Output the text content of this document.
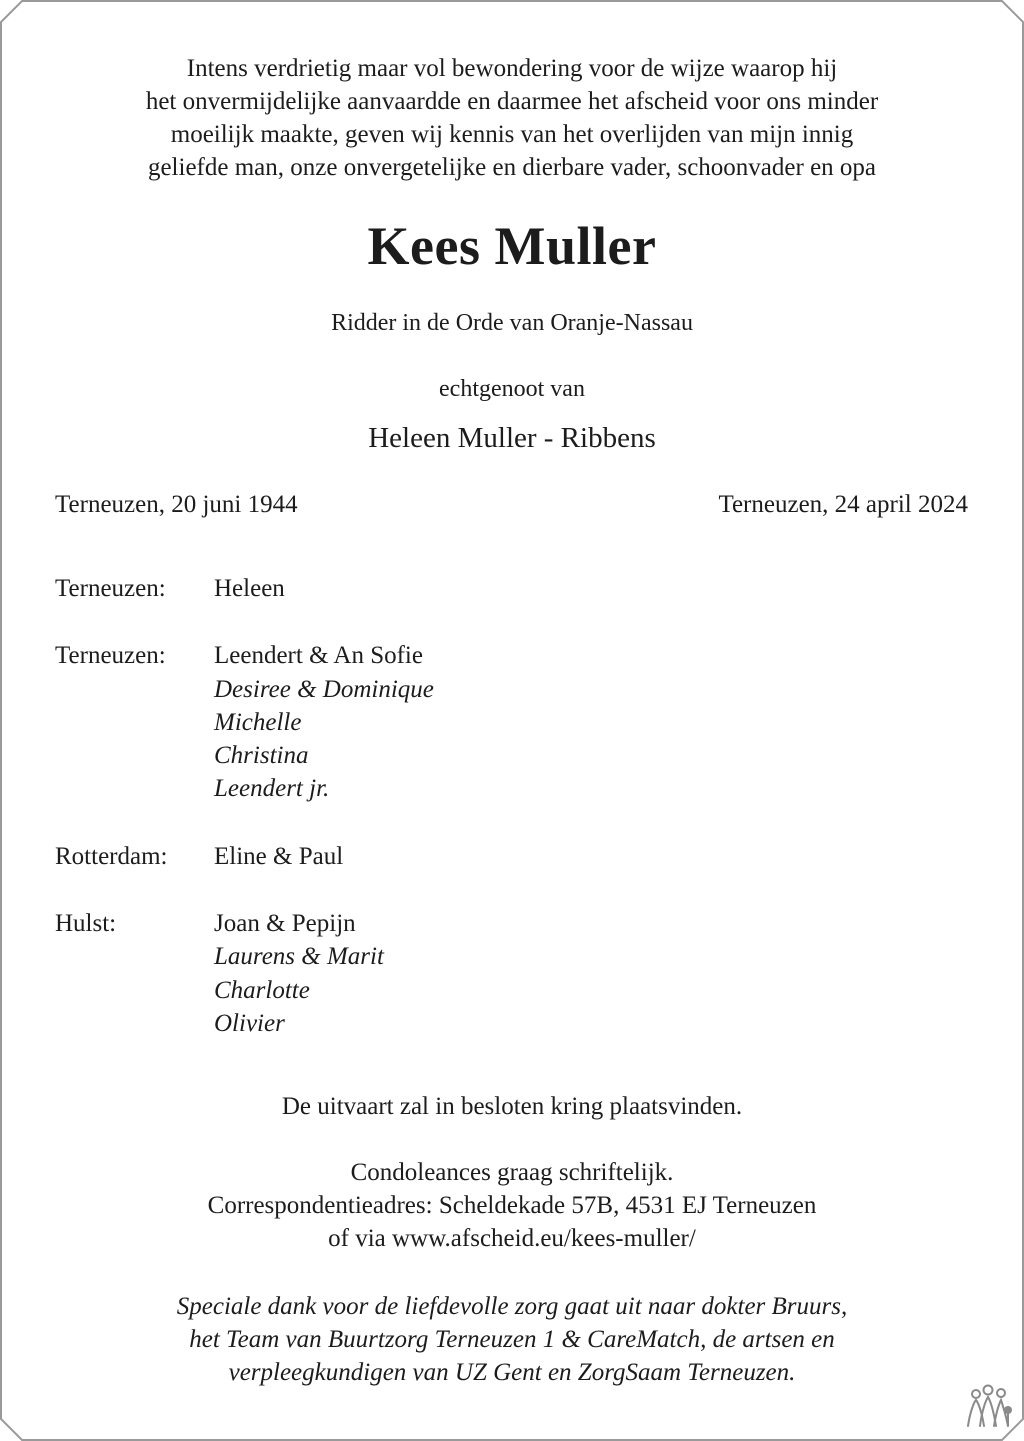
Intens verdrietig maar vol bewondering voor de wijze waarop hij
het onvermijdelijke aanvaardde en daarmee het afscheid voor ons minder
moeilijk maakte, geven wij kennis van het overlijden van mijn innig
geliefde man, onze onvergetelijke en dierbare vader, schoonvader en opa
Kees Muller
Ridder in de Orde van Oranje-Nassau
echtgenoot van
Heleen Muller - Ribbens
Terneuzen, 20 juni 1944	Terneuzen, 24 april 2024
Terneuzen:	Heleen
Terneuzen:	Leendert & An Sofie
Desiree & Dominique
Michelle
Christina
Leendert jr.
Rotterdam:	Eline & Paul
Hulst:	Joan & Pepijn
Laurens & Marit
Charlotte
Olivier
De uitvaart zal in besloten kring plaatsvinden.
Condoleances graag schriftelijk.
Correspondentieadres: Scheldekade 57B, 4531 EJ Terneuzen
of via www.afscheid.eu/kees-muller/
Speciale dank voor de liefdevolle zorg gaat uit naar dokter Bruurs,
het Team van Buurtzorg Terneuzen 1 & CareMatch, de artsen en
verpleegkundigen van UZ Gent en ZorgSaam Terneuzen.
